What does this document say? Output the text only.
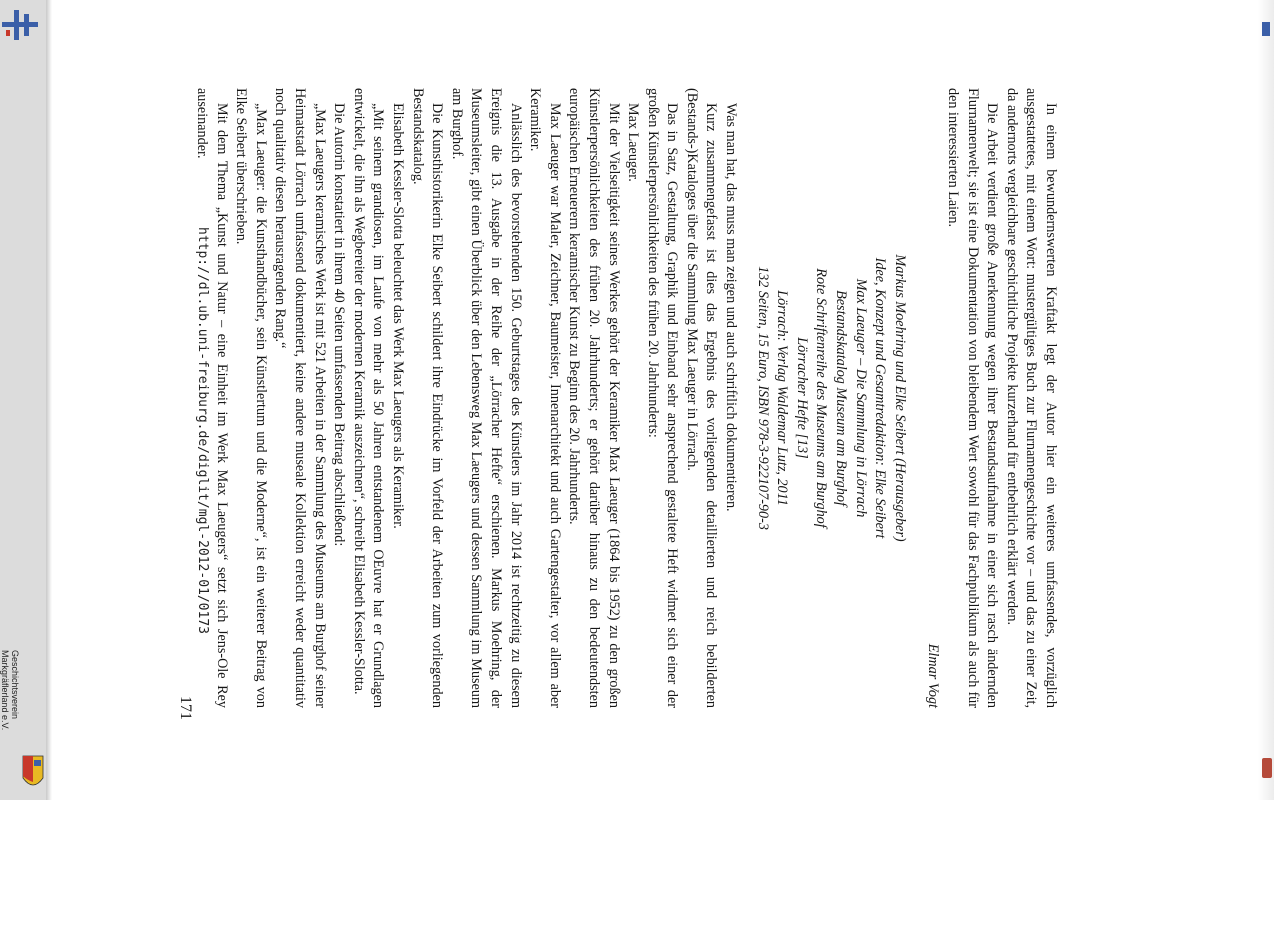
http://dl.ub.uni-freiburg.de/diglit/mgl-2012-01/0173
Geschichtsverein
Markgräflerland e.V.	In einem bewundernswerten Kraftakt legt der Autor hier ein weiteres umfassendes, vorzüglich ausgestattetes, mit einem Wort: mustergültiges Buch zur Flurnamengeschichte vor – und das zu einer Zeit, da andernorts vergleichbare geschichtliche Projekte kurzerhand für entbehrlich erklärt werden.

Die Arbeit verdient große Anerkennung wegen ihrer Bestandsaufnahme in einer sich rasch ändernden Flurnamenwelt; sie ist eine Dokumentation von bleibendem Wert sowohl für das Fachpublikum als auch für den interessierten Laien.

Elmar Vogt

Markus Moehring und Elke Seibert (Herausgeber)
Idee, Konzept und Gesamtredaktion: Elke Seibert
Max Laeuger – Die Sammlung in Lörrach
Bestandskatalog Museum am Burghof
Rote Schriftenreihe des Museums am Burghof
Lörracher Hefte [13]
Lörrach: Verlag Waldemar Lutz, 2011
132 Seiten, 15 Euro, ISBN 978-3-922107-90-3

Was man hat, das muss man zeigen und auch schriftlich dokumentieren.

Kurz zusammengefasst ist dies das Ergebnis des vorliegenden detaillierten und reich bebilderten (Bestands-)Kataloges über die Sammlung Max Laeuger in Lörrach.

Das in Satz, Gestaltung, Graphik und Einband sehr ansprechend gestaltete Heft widmet sich einer der großen Künstlerpersönlichkeiten des frühen 20. Jahrhunderts:

Max Laeuger.

Mit der Vielseitigkeit seines Werkes gehört der Keramiker Max Laeuger (1864 bis 1952) zu den großen Künstlerpersönlichkeiten des frühen 20. Jahrhunderts; er gehört darüber hinaus zu den bedeutendsten europäischen Erneuerern keramischer Kunst zu Beginn des 20. Jahrhunderts.

Max Laeuger war Maler, Zeichner, Baumeister, Innenarchitekt und auch Gartengestalter, vor allem aber Keramiker.

Anlässlich des bevorstehenden 150. Geburtstages des Künstlers im Jahr 2014 ist rechtzeitig zu diesem Ereignis die 13. Ausgabe in der Reihe der „Lörracher Hefte“ erschienen. Markus Moehring, der Museumsleiter, gibt einen Überblick über den Lebensweg Max Laeugers und dessen Sammlung im Museum am Burghof.

Die Kunsthistorikerin Elke Seibert schildert ihre Eindrücke im Vorfeld der Arbeiten zum vorliegenden Bestandskatalog.

Elisabeth Kessler-Slotta beleuchtet das Werk Max Laeugers als Keramiker.

„Mit seinem grandiosen, im Laufe von mehr als 50 Jahren entstandenem OEuvre hat er Grundlagen entwickelt, die ihn als Wegbereiter der modernen Keramik auszeichnen“, schreibt Elisabeth Kessler-Slotta.

Die Autorin konstatiert in ihrem 40 Seiten umfassenden Beitrag abschließend:

„Max Laeugers keramisches Werk ist mit 521 Arbeiten in der Sammlung des Museums am Burghof seiner Heimatstadt Lörrach umfassend dokumentiert, keine andere museale Kollektion erreicht weder quantitativ noch qualitativ diesen herausragenden Rang.“

„Max Laeuger: die Kunsthandbücher, sein Künstlertum und die Moderne“, ist ein weiterer Beitrag von Elke Seibert überschrieben.

Mit dem Thema „Kunst und Natur – eine Einheit im Werk Max Laeugers“ setzt sich Jens-Ole Rey auseinander.

171
